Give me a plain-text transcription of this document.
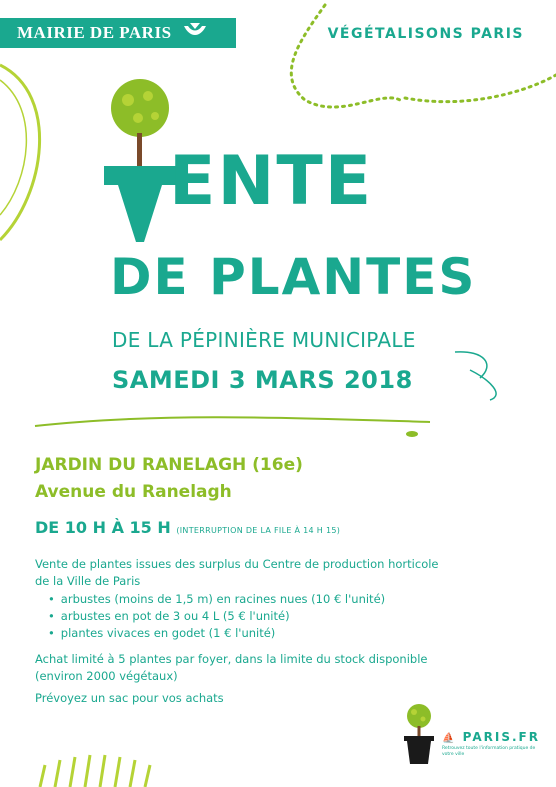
MAIRIE DE PARIS	VÉGÉTALISONS PARIS
ENTE
DE PLANTES
DE LA PÉPINIÈRE MUNICIPALE
SAMEDI 3 MARS 2018
JARDIN DU RANELAGH (16e)
Avenue du Ranelagh
DE 10 H À 15 H (INTERRUPTION DE LA FILE À 14 H 15)
Vente de plantes issues des surplus du Centre de production horticole de la Ville de Paris
• arbustes (moins de 1,5 m) en racines nues (10 € l'unité)
• arbustes en pot de 3 ou 4 L (5 € l'unité)
• plantes vivaces en godet (1 € l'unité)
Achat limité à 5 plantes par foyer, dans la limite du stock disponible (environ 2000 végétaux)
Prévoyez un sac pour vos achats
⛵ PARIS.FR
Retrouvez toute l'information pratique de votre ville
